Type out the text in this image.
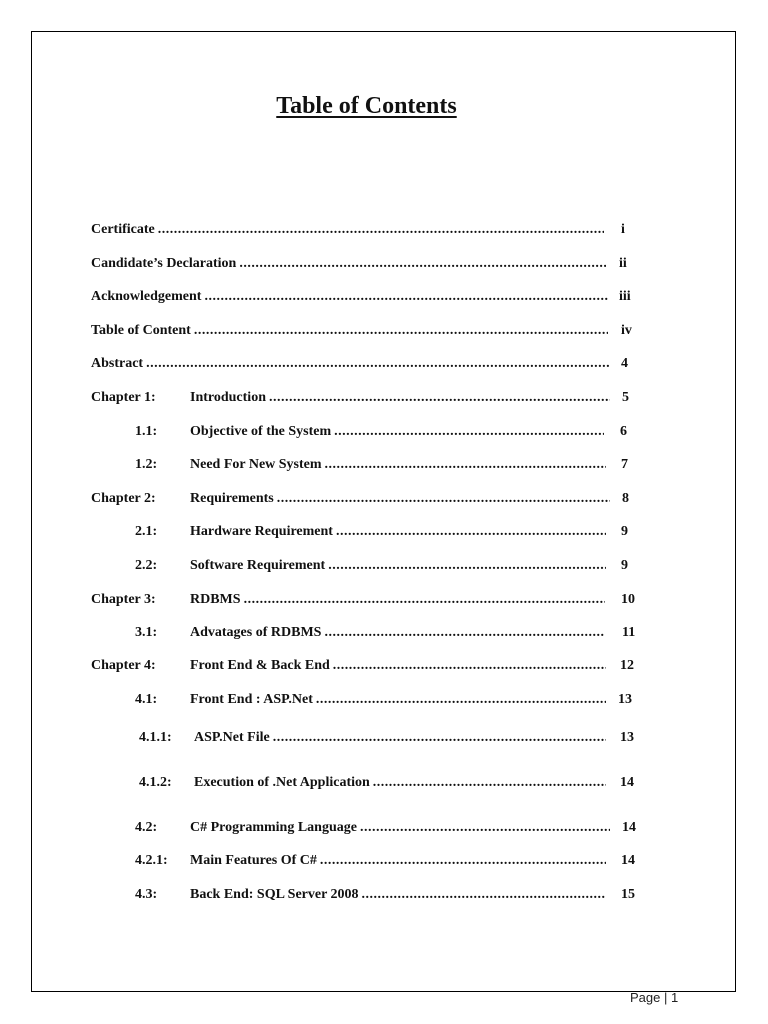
Table of Contents
Certificate .....	i
Candidate’s Declaration .....	ii
Acknowledgement .....	iii
Table of Content .....	iv
Abstract .....	4
Chapter 1: Introduction .....	5
1.1: Objective of the System .....	6
1.2: Need For New System .....	7
Chapter 2: Requirements .....	8
2.1: Hardware Requirement .....	9
2.2: Software Requirement .....	9
Chapter 3: RDBMS .....	10
3.1: Advatages of RDBMS .....	11
Chapter 4: Front End & Back End .....	12
4.1: Front End : ASP.Net .....	13
4.1.1: ASP.Net File .....	13
4.1.2: Execution of .Net Application .....	14
4.2: C# Programming Language .....	14
4.2.1: Main Features Of C# .....	14
4.3: Back End: SQL Server 2008 .....	15
Page | 1
